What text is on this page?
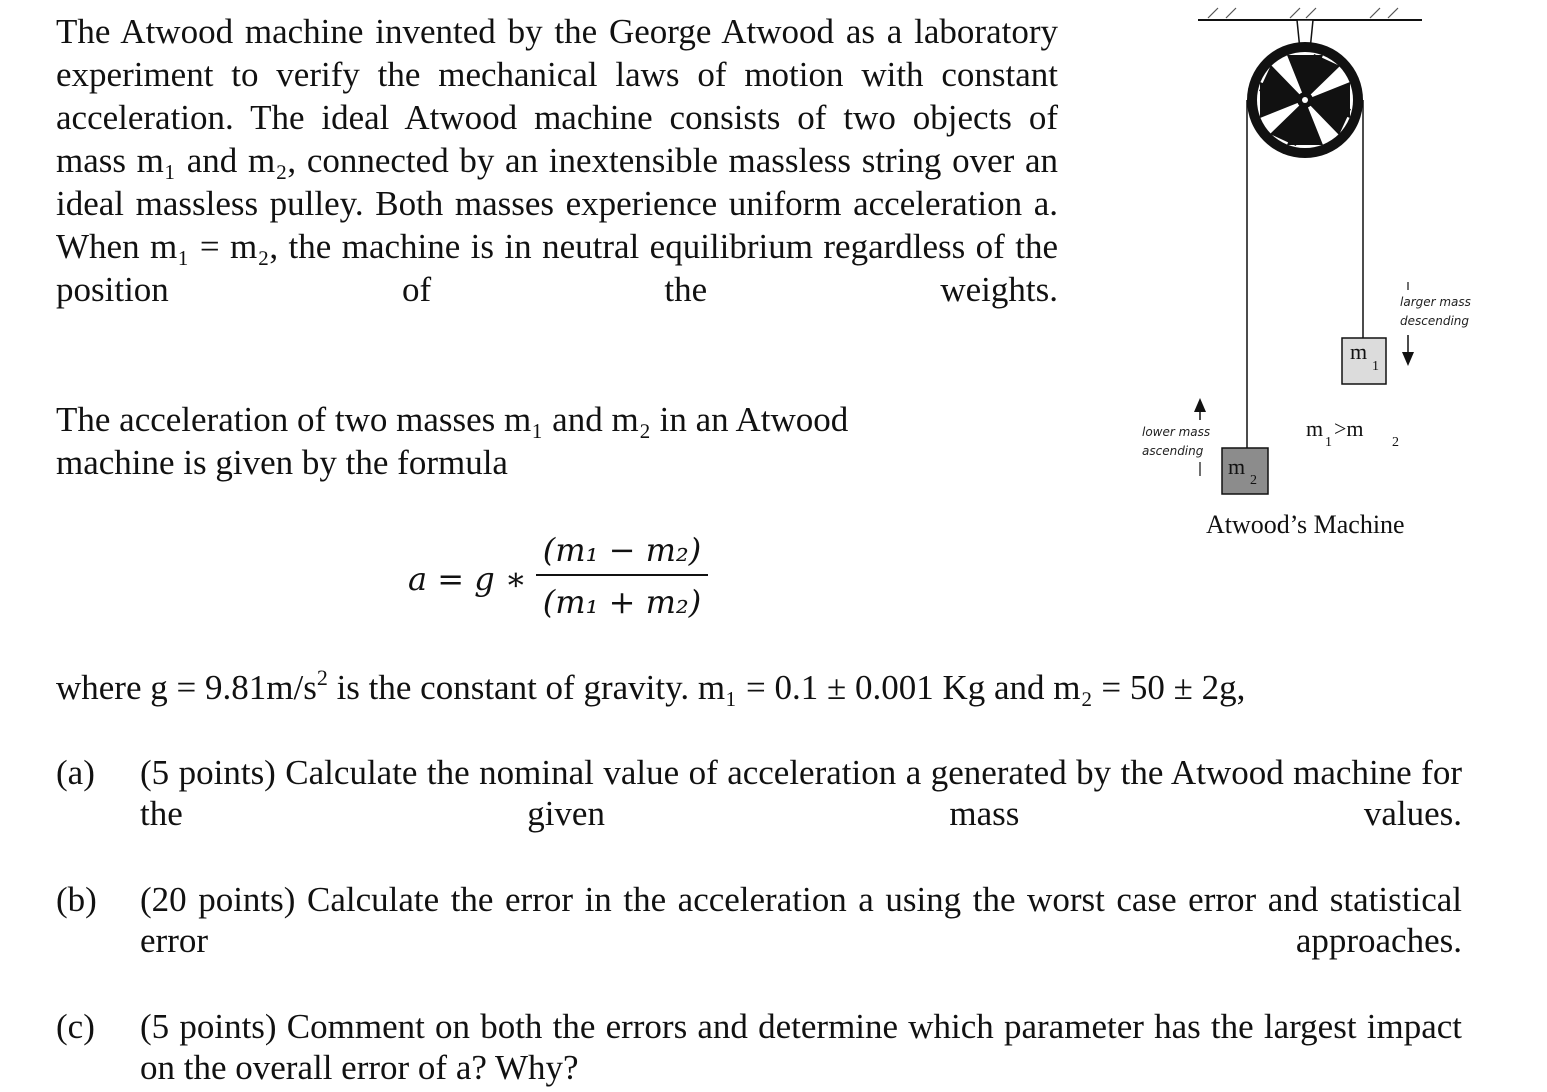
The Atwood machine invented by the George Atwood as a laboratory experiment to verify the mechanical laws of motion with constant acceleration. The ideal Atwood machine consists of two objects of mass m₁ and m₂, connected by an inextensible massless string over an ideal massless pulley. Both masses experience uniform acceleration a. When m₁ = m₂, the machine is in neutral equilibrium regardless of the position of the weights.
The acceleration of two masses m₁ and m₂ in an Atwood machine is given by the formula
a = g ∗
(m₁ − m₂)
(m₁ + m₂)
where $g = 9.81m/s^2$ is the constant of gravity. m₁ = 0.1 ± 0.001 Kg and m₂ = 50 ± 2g,
(a) (5 points) Calculate the nominal value of acceleration a generated by the Atwood machine for the given mass values.
(b) (20 points) Calculate the error in the acceleration a using the worst case error and statistical error approaches.
(c) (5 points) Comment on both the errors and determine which parameter has the largest impact on the overall error of a? Why?
m
1
m
2
larger mass
descending
lower mass
ascending
m
1
>m
2
Atwood’s Machine
